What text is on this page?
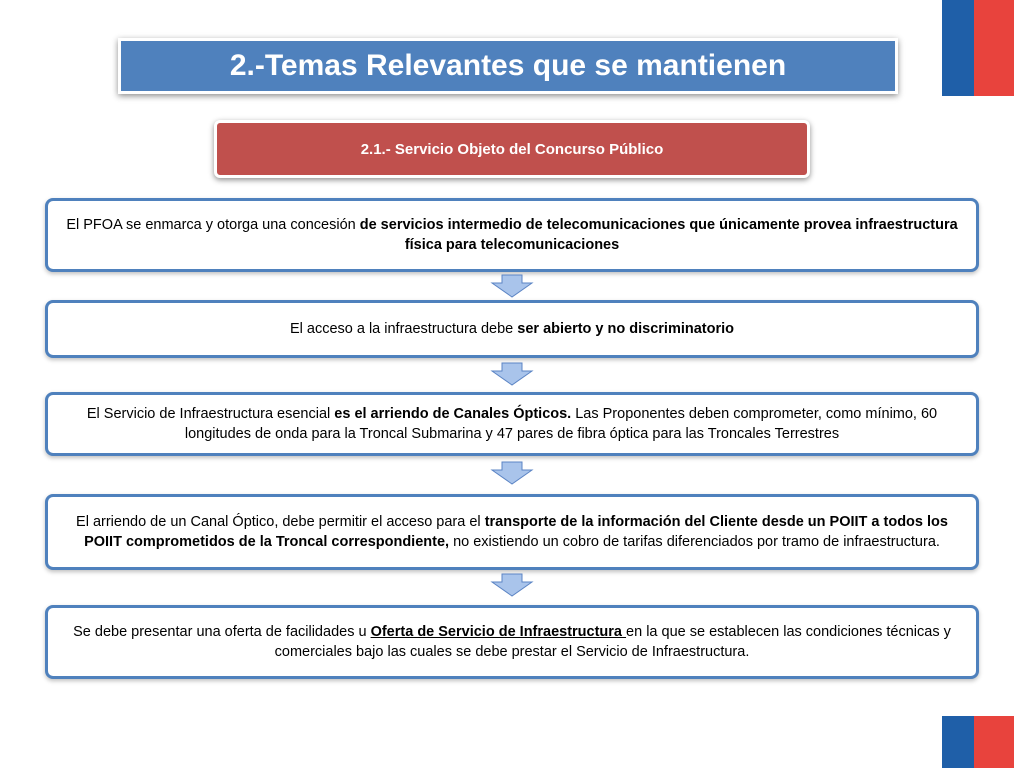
2.-Temas Relevantes que se mantienen
2.1.- Servicio Objeto del Concurso Público
El PFOA se enmarca y otorga una concesión de servicios intermedio de telecomunicaciones que únicamente provea infraestructura física para telecomunicaciones
El acceso a la infraestructura debe ser abierto y no discriminatorio
El Servicio de Infraestructura esencial es el arriendo de Canales Ópticos. Las Proponentes deben comprometer, como mínimo, 60 longitudes de onda para la Troncal Submarina y 47 pares de fibra óptica para las Troncales Terrestres
El arriendo de un Canal Óptico, debe permitir el acceso para el transporte de la información del Cliente desde un POIIT a todos los POIIT comprometidos de la Troncal correspondiente, no existiendo un cobro de tarifas diferenciados por tramo de infraestructura.
Se debe presentar una oferta de facilidades u Oferta de Servicio de Infraestructura en la que se establecen las condiciones técnicas y comerciales bajo las cuales se debe prestar el Servicio de Infraestructura.
